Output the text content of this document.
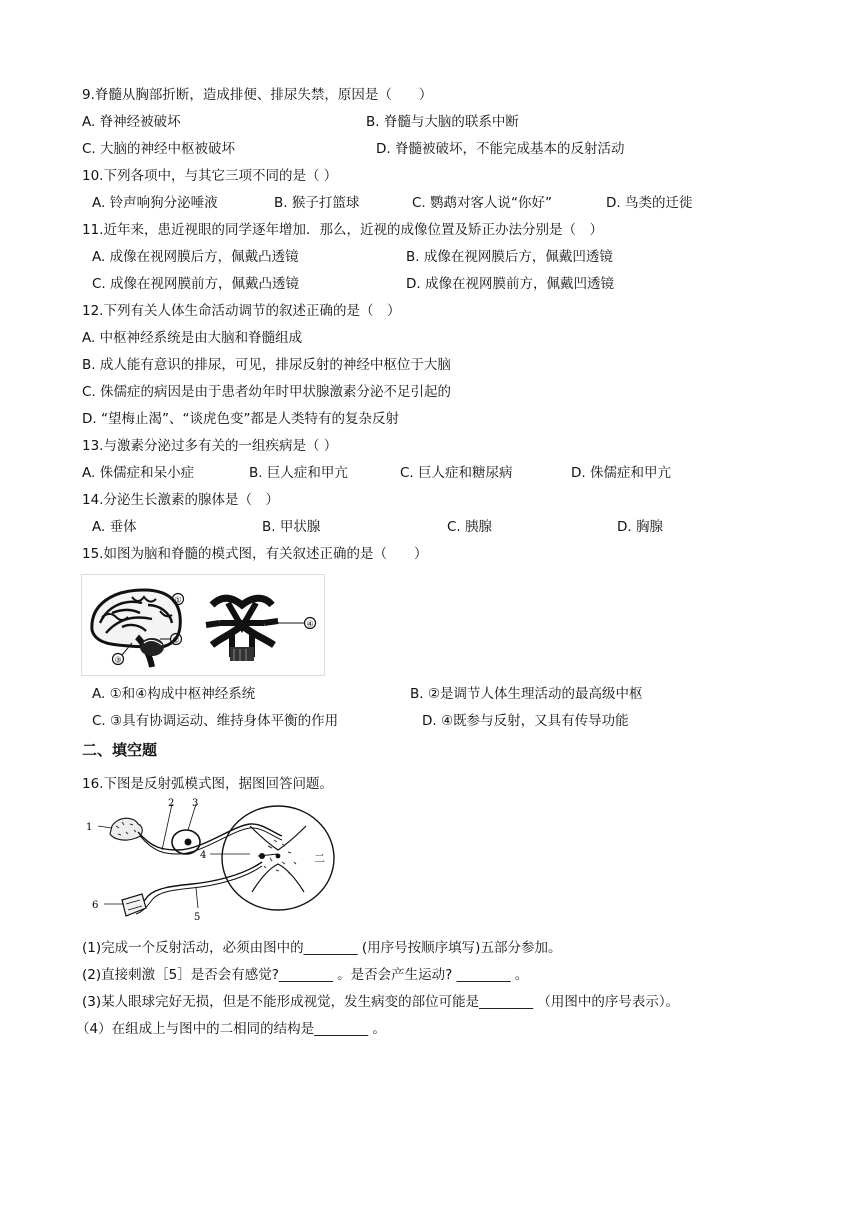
9.脊髓从胸部折断，造成排便、排尿失禁，原因是（　　）
A. 脊神经被破坏	B. 脊髓与大脑的联系中断
C. 大脑的神经中枢被破坏	D. 脊髓被破坏，不能完成基本的反射活动
10.下列各项中，与其它三项不同的是（ ）
A. 铃声响狗分泌唾液	B. 猴子打篮球	C. 鹦鹉对客人说“你好”	D. 鸟类的迁徙
11.近年来，患近视眼的同学逐年增加．那么，近视的成像位置及矫正办法分别是（　）
A. 成像在视网膜后方，佩戴凸透镜	B. 成像在视网膜后方，佩戴凹透镜
C. 成像在视网膜前方，佩戴凸透镜	D. 成像在视网膜前方，佩戴凹透镜
12.下列有关人体生命活动调节的叙述正确的是（　）
A. 中枢神经系统是由大脑和脊髓组成
B. 成人能有意识的排尿，可见，排尿反射的神经中枢位于大脑
C. 侏儒症的病因是由于患者幼年时甲状腺激素分泌不足引起的
D. “望梅止渴”、“谈虎色变”都是人类特有的复杂反射
13.与激素分泌过多有关的一组疾病是（ ）
A. 侏儒症和呆小症	B. 巨人症和甲亢	C. 巨人症和糖尿病	D. 侏儒症和甲亢
14.分泌生长激素的腺体是（　）
A. 垂体	B. 甲状腺	C. 胰腺	D. 胸腺
15.如图为脑和脊髓的模式图，有关叙述正确的是（　　）
①
②
③
④
A. ①和④构成中枢神经系统	B. ②是调节人体生理活动的最高级中枢
C. ③具有协调运动、维持身体平衡的作用	D. ④既参与反射，又具有传导功能
二、填空题
16.下图是反射弧模式图，据图回答问题。
1
2 3
4
5
6
二
(1)完成一个反射活动，必须由图中的________ (用序号按顺序填写)五部分参加。
(2)直接刺激［5］是否会有感觉?________ 。是否会产生运动? ________ 。
(3)某人眼球完好无损，但是不能形成视觉，发生病变的部位可能是________ （用图中的序号表示）。
（4）在组成上与图中的二相同的结构是________ 。
